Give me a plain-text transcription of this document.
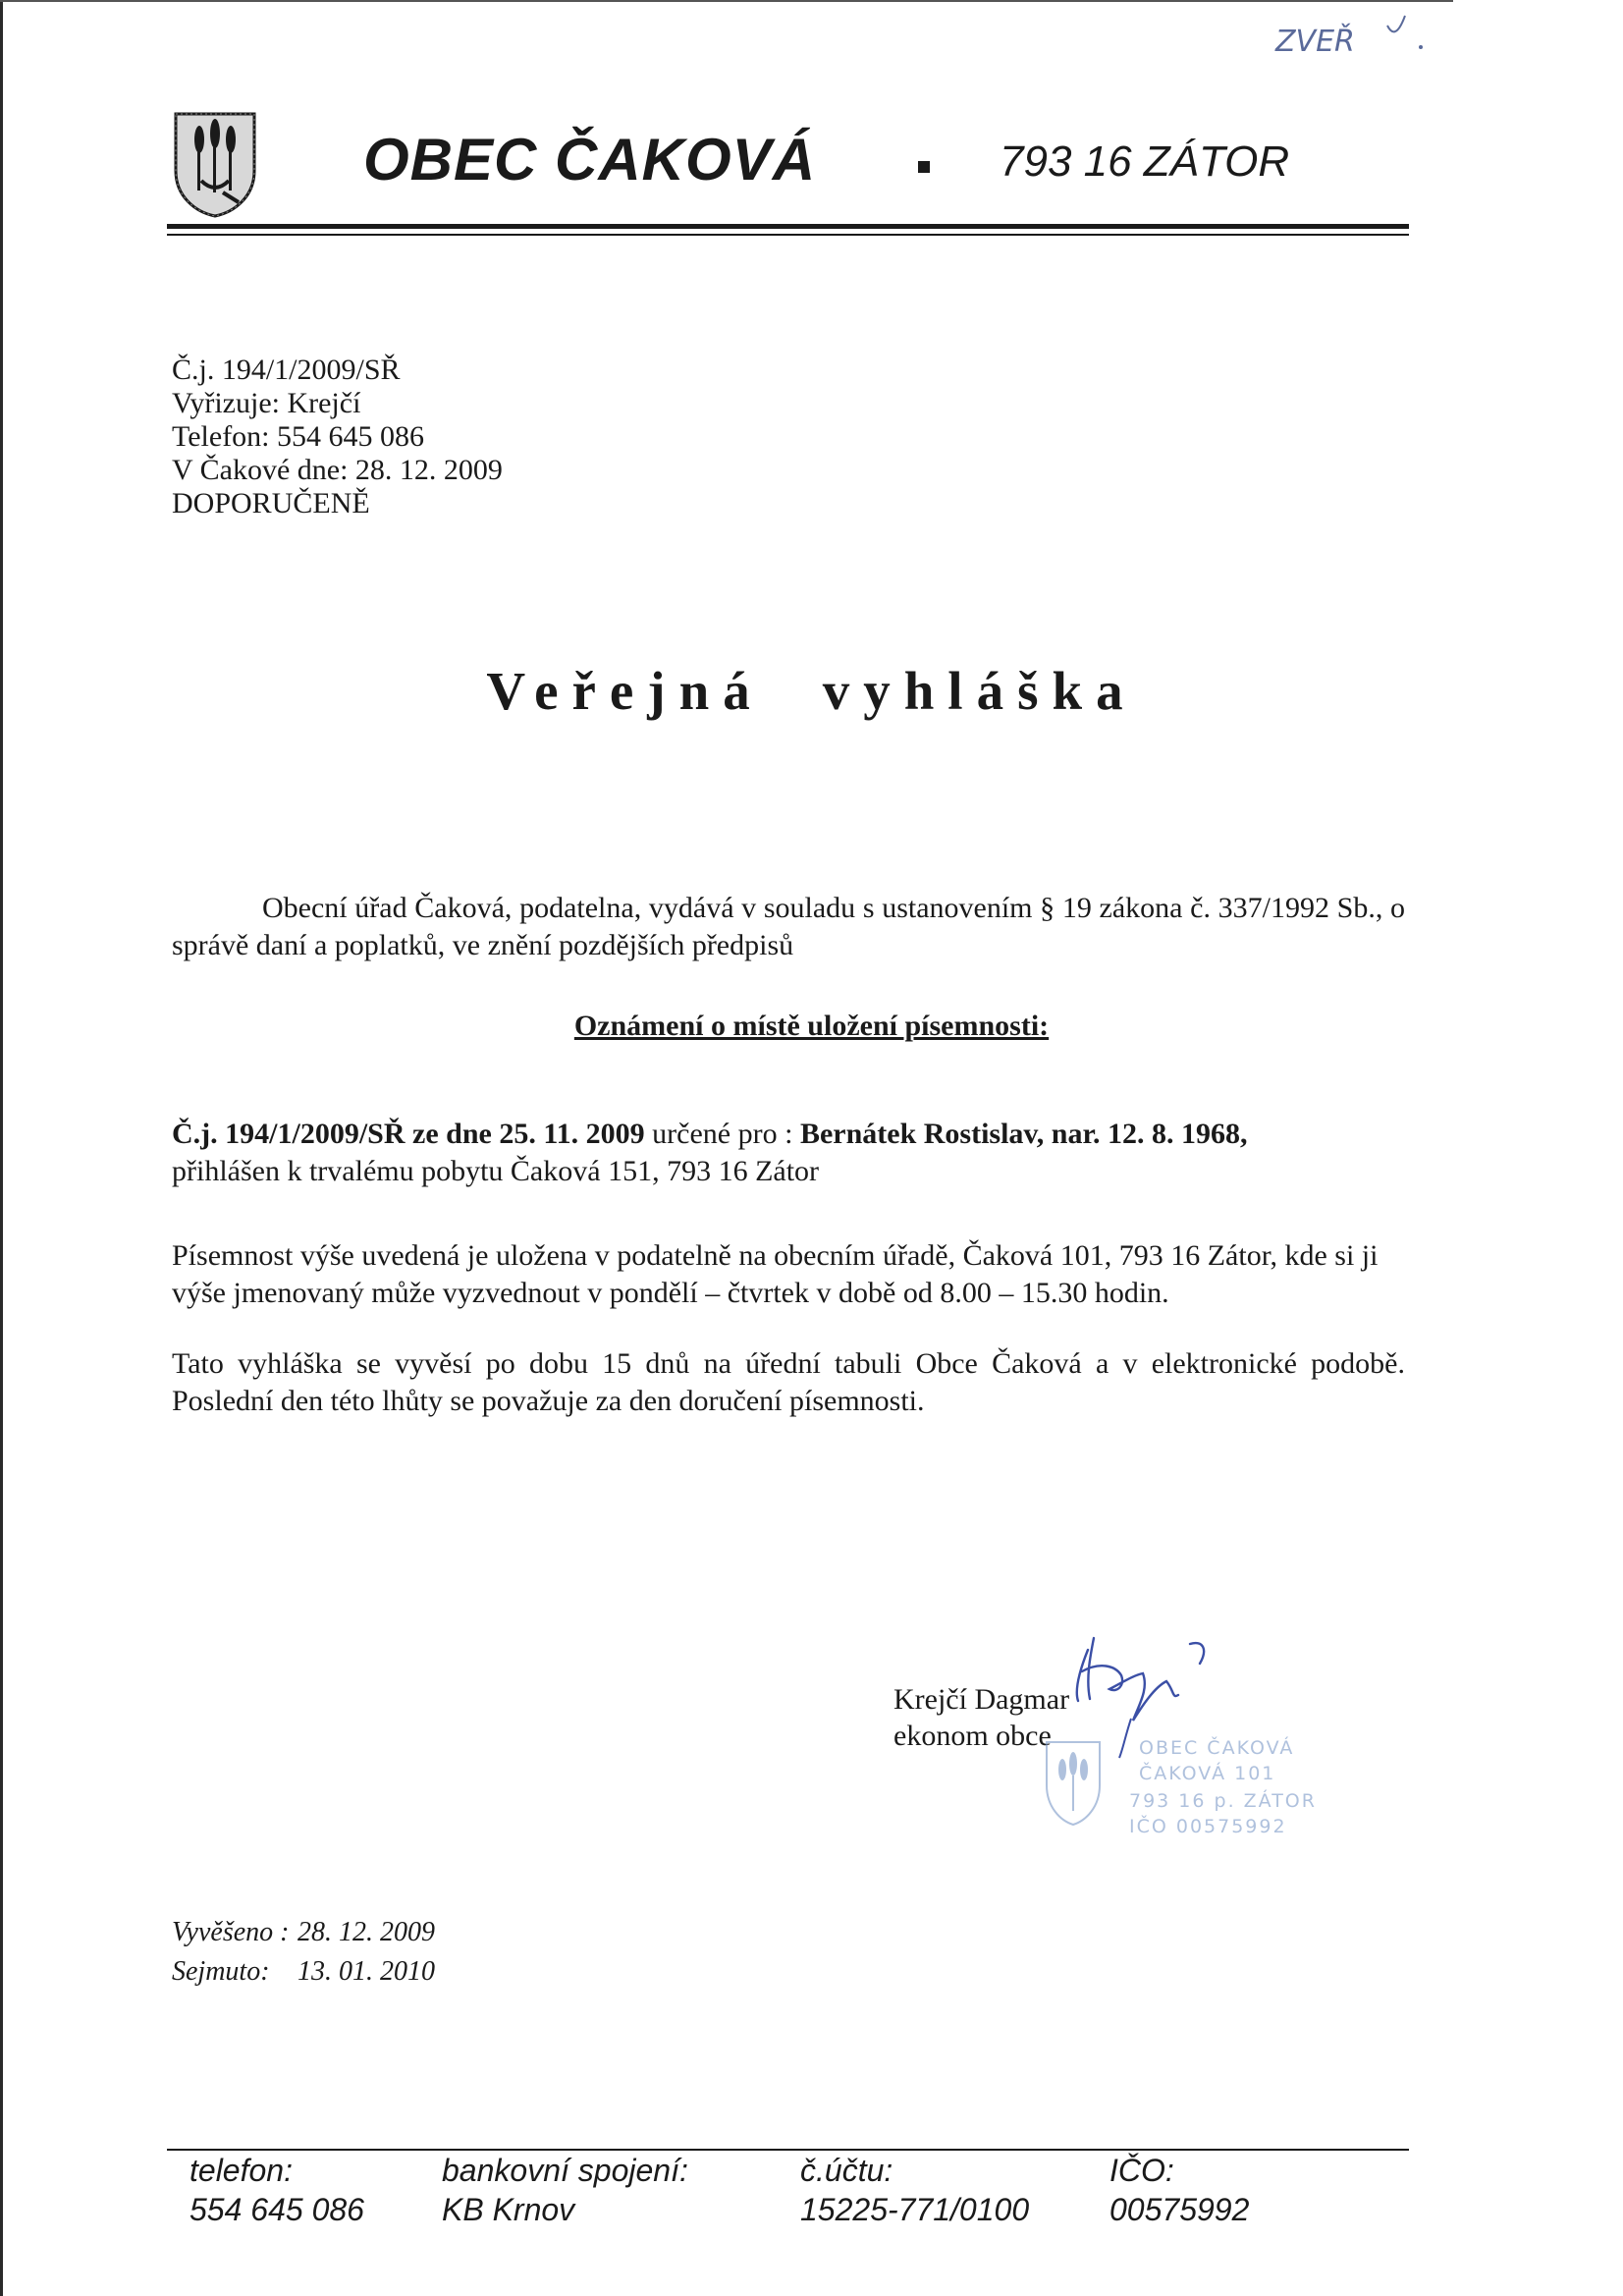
ZVEŘ
OBEC ČAKOVÁ	793 16 ZÁTOR
Č.j. 194/1/2009/SŘ
Vyřizuje: Krejčí
Telefon: 554 645 086
V Čakové dne: 28. 12. 2009
DOPORUČENĚ
Veřejná vyhláška
Obecní úřad Čaková, podatelna, vydává v souladu s ustanovením § 19 zákona č. 337/1992 Sb., o správě daní a poplatků, ve znění pozdějších předpisů
Oznámení o místě uložení písemnosti:
Č.j. 194/1/2009/SŘ ze dne 25. 11. 2009 určené pro : Bernátek Rostislav, nar. 12. 8. 1968,
přihlášen k trvalému pobytu Čaková 151, 793 16 Zátor
Písemnost výše uvedená je uložena v podatelně na obecním úřadě, Čaková 101, 793 16 Zátor, kde si ji výše jmenovaný může vyzvednout v pondělí – čtvrtek v době od 8.00 – 15.30 hodin.
Tato vyhláška se vyvěsí po dobu 15 dnů na úřední tabuli Obce Čaková a v elektronické podobě. Poslední den této lhůty se považuje za den doručení písemnosti.
Krejčí Dagmar
ekonom obce	OBEC ČAKOVÁ
ČAKOVÁ 101
793 16 p. ZÁTOR
IČO 00575992
Vyvěšeno : 28. 12. 2009
Sejmuto: 13. 01. 2010
telefon:
554 645 086
bankovní spojení:
KB Krnov
č.účtu:
15225-771/0100
IČO:
00575992
